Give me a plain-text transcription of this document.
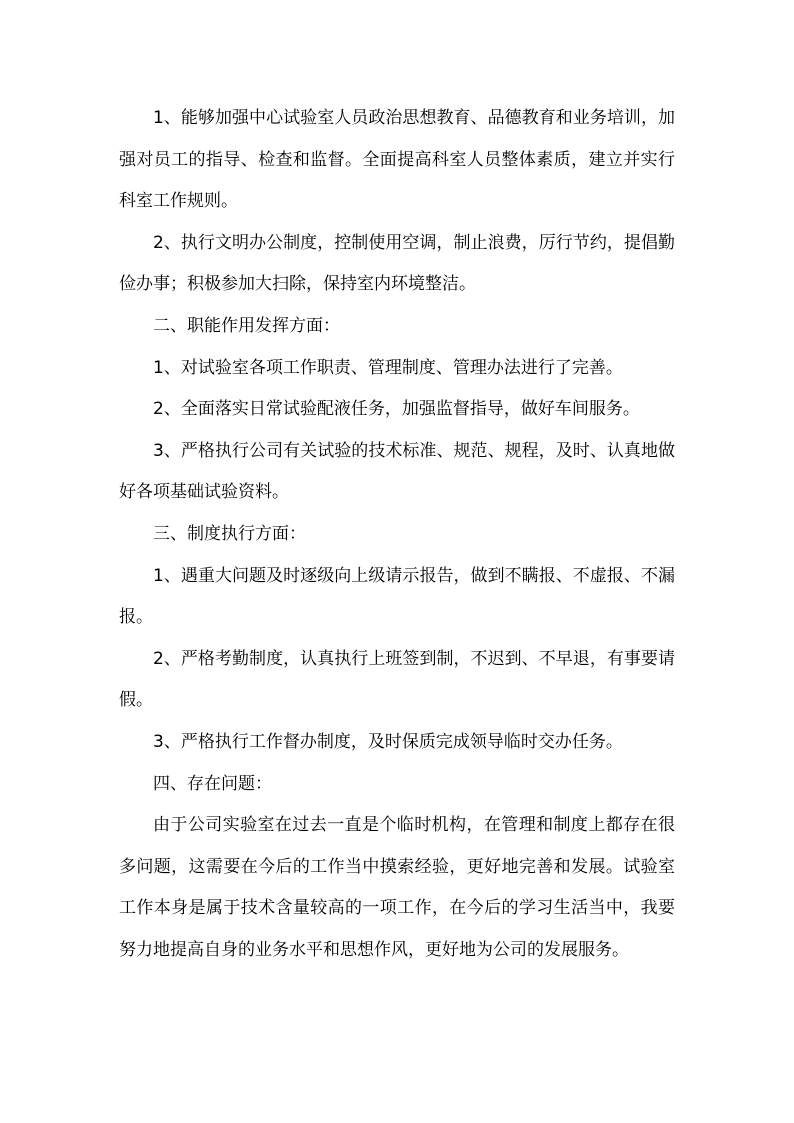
1、能够加强中心试验室人员政治思想教育、品德教育和业务培训，加强对员工的指导、检查和监督。全面提高科室人员整体素质，建立并实行科室工作规则。

2、执行文明办公制度，控制使用空调，制止浪费，厉行节约，提倡勤俭办事；积极参加大扫除，保持室内环境整洁。

二、职能作用发挥方面：

1、对试验室各项工作职责、管理制度、管理办法进行了完善。

2、全面落实日常试验配液任务，加强监督指导，做好车间服务。

3、严格执行公司有关试验的技术标准、规范、规程，及时、认真地做好各项基础试验资料。

三、制度执行方面：

1、遇重大问题及时逐级向上级请示报告，做到不瞒报、不虚报、不漏报。

2、严格考勤制度，认真执行上班签到制，不迟到、不早退，有事要请假。

3、严格执行工作督办制度，及时保质完成领导临时交办任务。

四、存在问题：

由于公司实验室在过去一直是个临时机构，在管理和制度上都存在很多问题，这需要在今后的工作当中摸索经验，更好地完善和发展。试验室工作本身是属于技术含量较高的一项工作，在今后的学习生活当中，我要努力地提高自身的业务水平和思想作风，更好地为公司的发展服务。
